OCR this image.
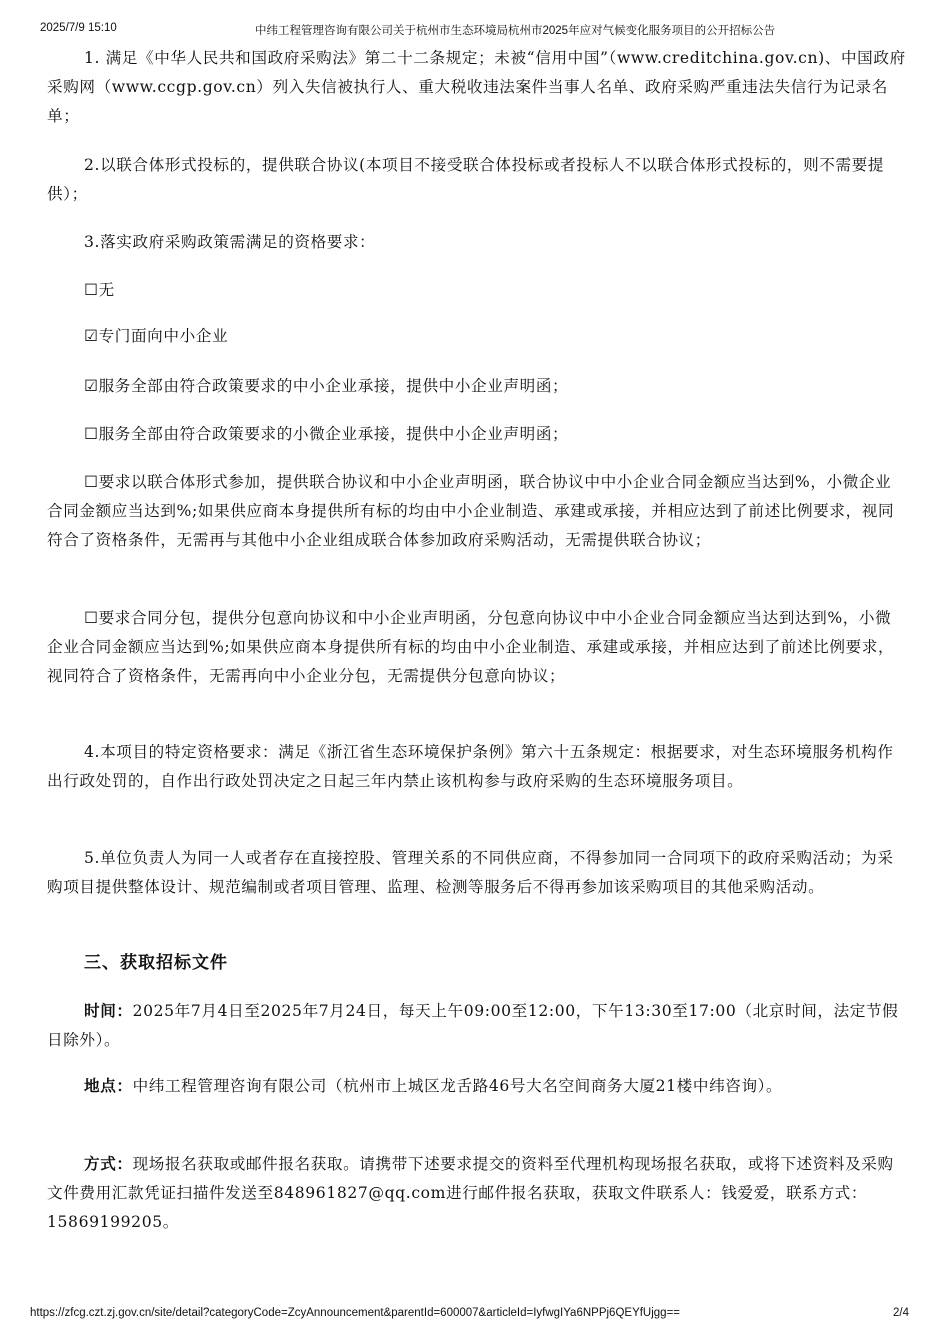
2025/7/9 15:10	中纬工程管理咨询有限公司关于杭州市生态环境局杭州市2025年应对气候变化服务项目的公开招标公告

1. 满足《中华人民共和国政府采购法》第二十二条规定；未被“信用中国”（www.creditchina.gov.cn)、中国政府采购网（www.ccgp.gov.cn）列入失信被执行人、重大税收违法案件当事人名单、政府采购严重违法失信行为记录名单；

2.以联合体形式投标的，提供联合协议(本项目不接受联合体投标或者投标人不以联合体形式投标的，则不需要提供）；

3.落实政府采购政策需满足的资格要求：

☐无

☑专门面向中小企业

☑服务全部由符合政策要求的中小企业承接，提供中小企业声明函；

☐服务全部由符合政策要求的小微企业承接，提供中小企业声明函；

☐要求以联合体形式参加，提供联合协议和中小企业声明函，联合协议中中小企业合同金额应当达到%，小微企业合同金额应当达到%;如果供应商本身提供所有标的均由中小企业制造、承建或承接，并相应达到了前述比例要求，视同符合了资格条件，无需再与其他中小企业组成联合体参加政府采购活动，无需提供联合协议；

☐要求合同分包，提供分包意向协议和中小企业声明函，分包意向协议中中小企业合同金额应当达到达到%，小微企业合同金额应当达到%;如果供应商本身提供所有标的均由中小企业制造、承建或承接，并相应达到了前述比例要求，视同符合了资格条件，无需再向中小企业分包，无需提供分包意向协议；

4.本项目的特定资格要求：满足《浙江省生态环境保护条例》第六十五条规定：根据要求，对生态环境服务机构作出行政处罚的，自作出行政处罚决定之日起三年内禁止该机构参与政府采购的生态环境服务项目。

5.单位负责人为同一人或者存在直接控股、管理关系的不同供应商，不得参加同一合同项下的政府采购活动；为采购项目提供整体设计、规范编制或者项目管理、监理、检测等服务后不得再参加该采购项目的其他采购活动。

三、获取招标文件

时间：2025年7月4日至2025年7月24日，每天上午09:00至12:00，下午13:30至17:00（北京时间，法定节假日除外）。

地点：中纬工程管理咨询有限公司（杭州市上城区龙舌路46号大名空间商务大厦21楼中纬咨询）。

方式：现场报名获取或邮件报名获取。请携带下述要求提交的资料至代理机构现场报名获取，或将下述资料及采购文件费用汇款凭证扫描件发送至848961827@qq.com进行邮件报名获取，获取文件联系人：钱爱爱，联系方式：15869199205。

https://zfcg.czt.zj.gov.cn/site/detail?categoryCode=ZcyAnnouncement&parentId=600007&articleId=IyfwgIYa6NPPj6QEYfUjgg==	2/4
